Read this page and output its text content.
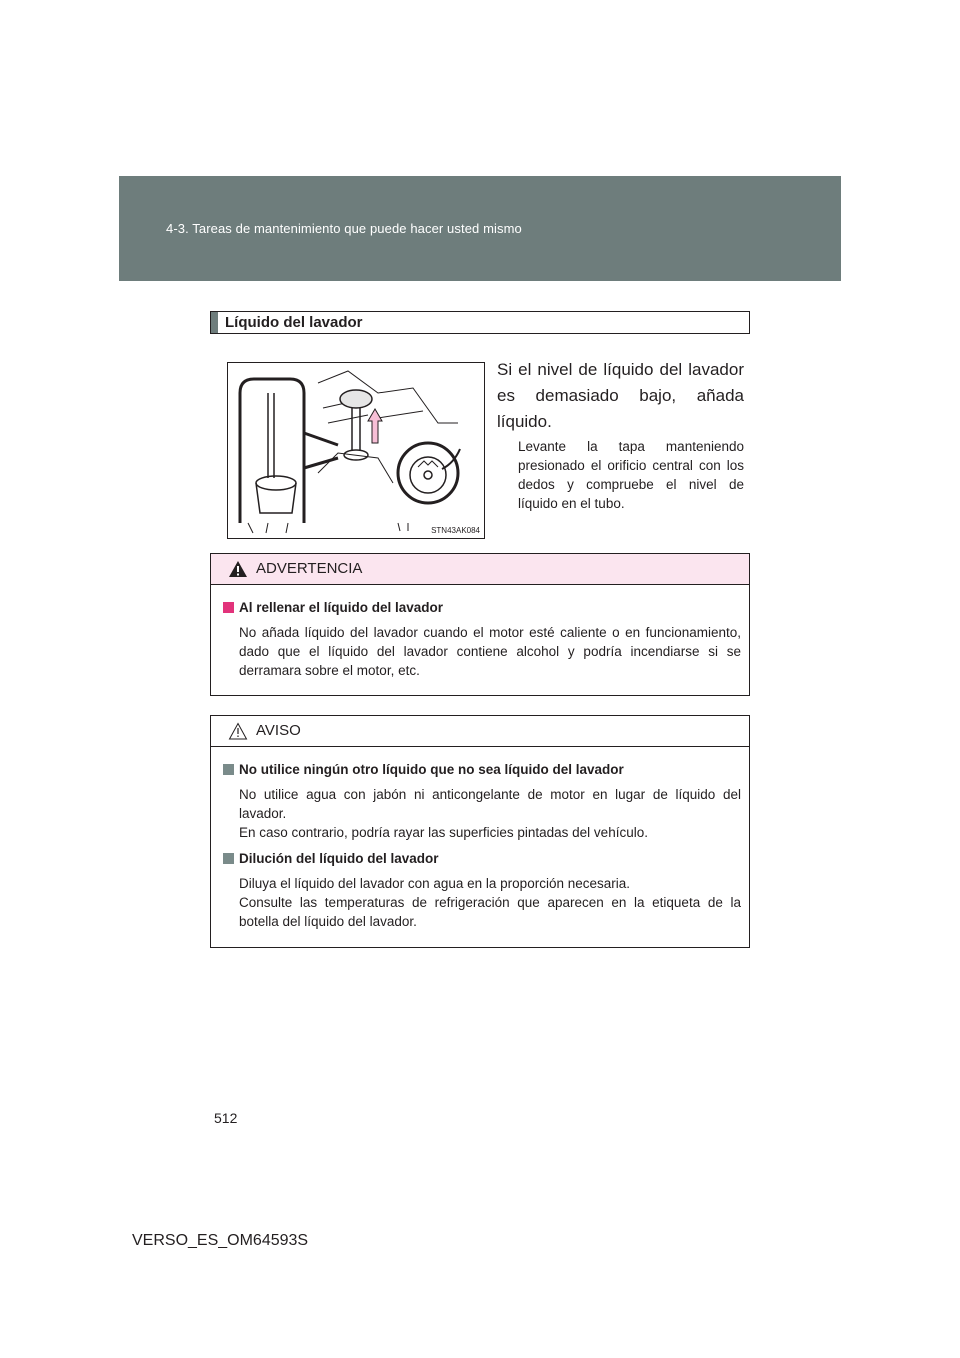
4-3. Tareas de mantenimiento que puede hacer usted mismo
Líquido del lavador
STN43AK084
Si el nivel de líquido del lavador es demasiado bajo, añada líquido.
Levante la tapa manteniendo presionado el orificio central con los dedos y compruebe el nivel de líquido en el tubo.
ADVERTENCIA
Al rellenar el líquido del lavador
No añada líquido del lavador cuando el motor esté caliente o en funcionamiento, dado que el líquido del lavador contiene alcohol y podría incendiarse si se derramara sobre el motor, etc.
AVISO
No utilice ningún otro líquido que no sea líquido del lavador
No utilice agua con jabón ni anticongelante de motor en lugar de líquido del lavador.
En caso contrario, podría rayar las superficies pintadas del vehículo.
Dilución del líquido del lavador
Diluya el líquido del lavador con agua en la proporción necesaria.
Consulte las temperaturas de refrigeración que aparecen en la etiqueta de la botella del líquido del lavador.
512
VERSO_ES_OM64593S
